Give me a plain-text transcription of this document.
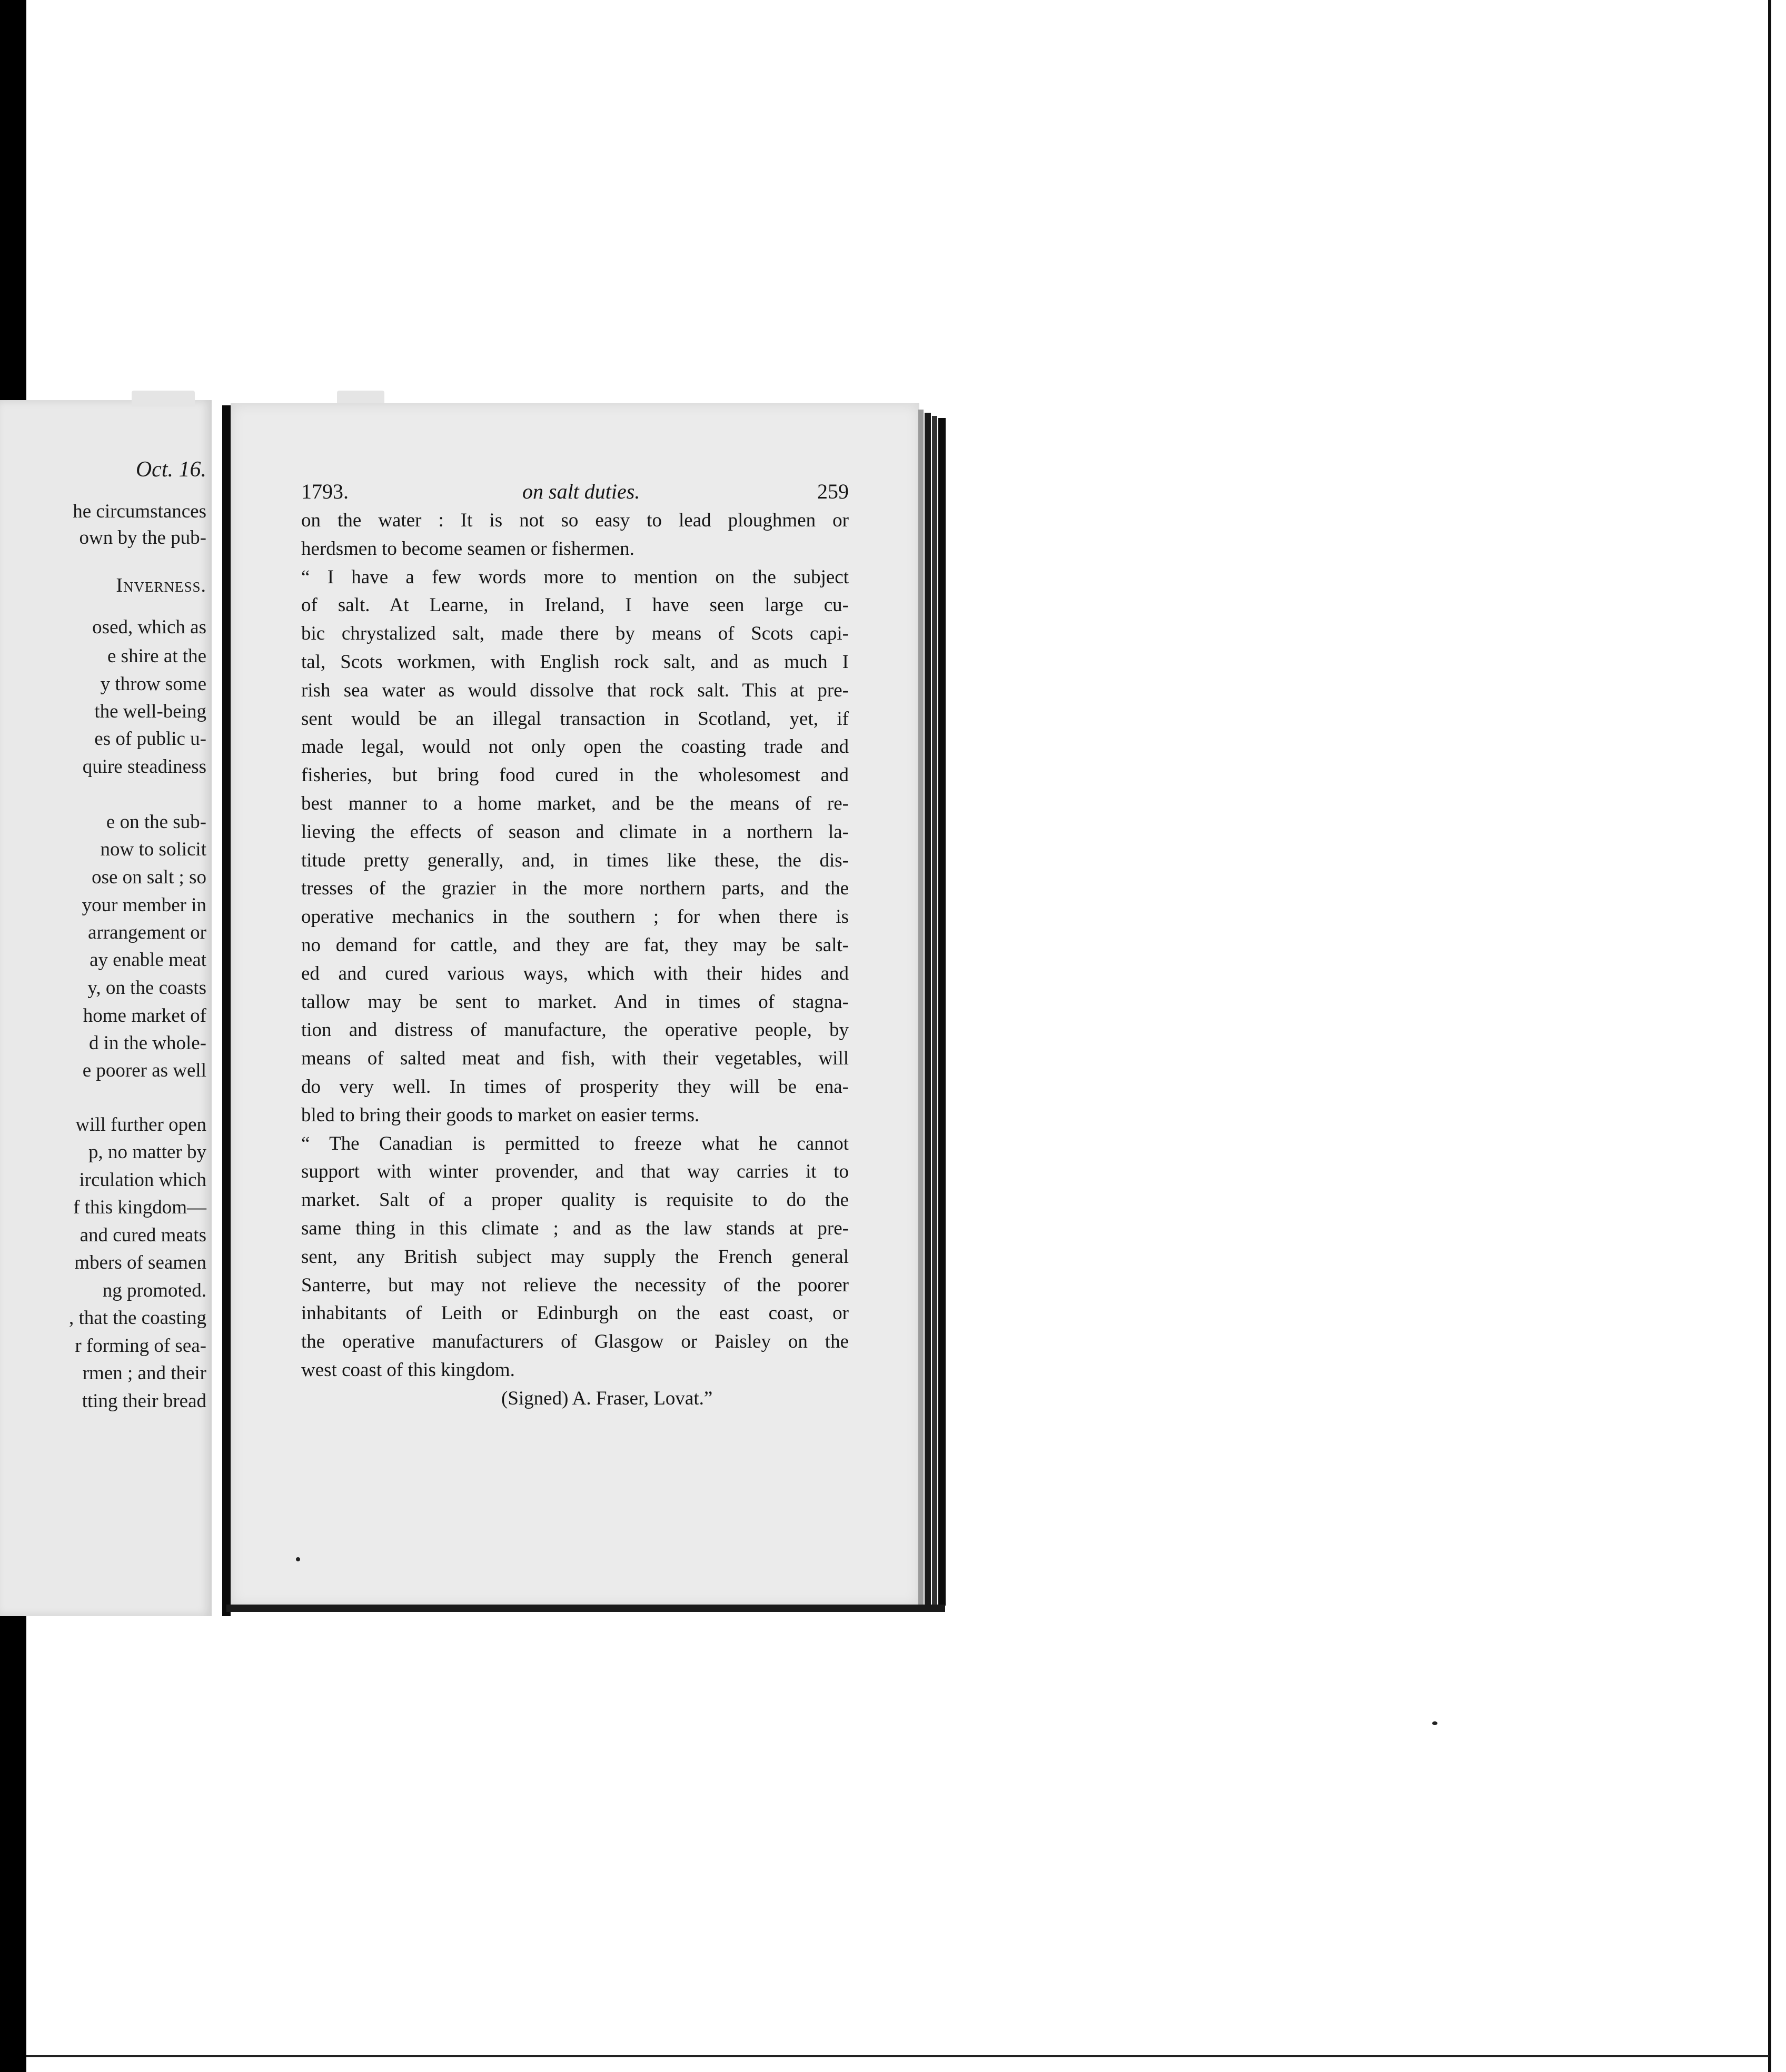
Oct. 16.
he circumstances
own by the pub-
osed, which as
e shire at the
y throw some
the well-being
es of public u-
quire steadiness
e on the sub-
now to solicit
ose on salt ; so
your member in
arrangement or
ay enable meat
y, on the coasts
home market of
d in the whole-
e poorer as well
will further open
p, no matter by
irculation which
f this kingdom—
and cured meats
mbers of seamen
ng promoted.
, that the coasting
r forming of sea-
rmen ; and their
tting their bread
Inverness.
1793.	on salt duties.	259
on the water : It is not so easy to lead ploughmen or
herdsmen to become seamen or fishermen.
“ I have a few words more to mention on the subject
of salt. At Learne, in Ireland, I have seen large cu-
bic chrystalized salt, made there by means of Scots capi-
tal, Scots workmen, with English rock salt, and as much I
rish sea water as would dissolve that rock salt. This at pre-
sent would be an illegal transaction in Scotland, yet, if
made legal, would not only open the coasting trade and
fisheries, but bring food cured in the wholesomest and
best manner to a home market, and be the means of re-
lieving the effects of season and climate in a northern la-
titude pretty generally, and, in times like these, the dis-
tresses of the grazier in the more northern parts, and the
operative mechanics in the southern ; for when there is
no demand for cattle, and they are fat, they may be salt-
ed and cured various ways, which with their hides and
tallow may be sent to market. And in times of stagna-
tion and distress of manufacture, the operative people, by
means of salted meat and fish, with their vegetables, will
do very well. In times of prosperity they will be ena-
bled to bring their goods to market on easier terms.
“ The Canadian is permitted to freeze what he cannot
support with winter provender, and that way carries it to
market. Salt of a proper quality is requisite to do the
same thing in this climate ; and as the law stands at pre-
sent, any British subject may supply the French general
Santerre, but may not relieve the necessity of the poorer
inhabitants of Leith or Edinburgh on the east coast, or
the operative manufacturers of Glasgow or Paisley on the
west coast of this kingdom.
(Signed) A. Fraser, Lovat.”
